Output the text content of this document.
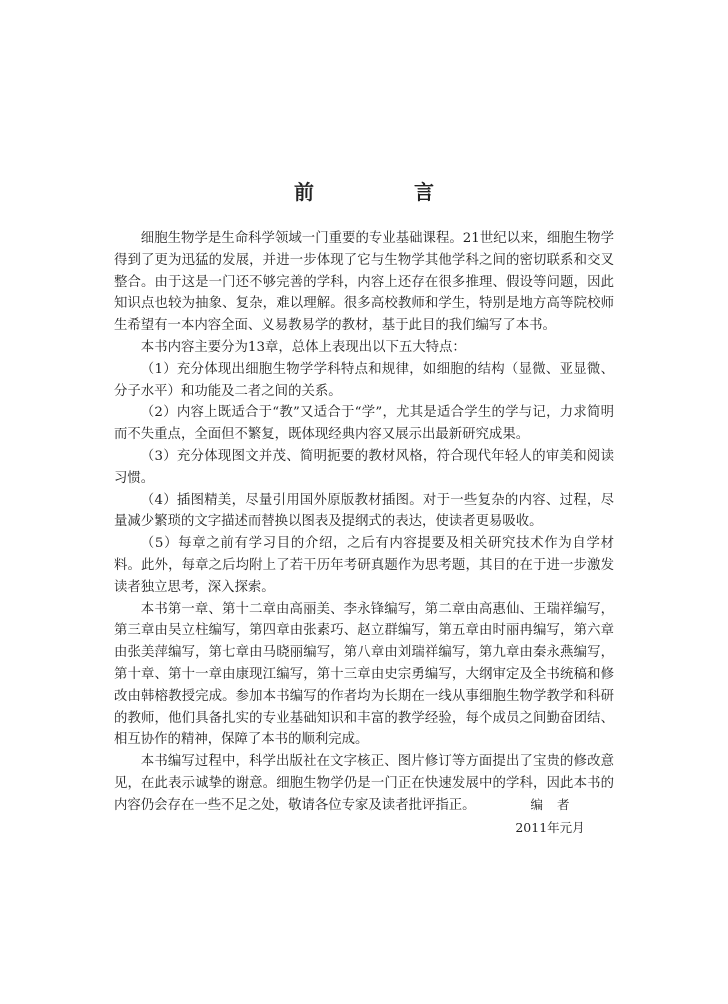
前　言

细胞生物学是生命科学领域一门重要的专业基础课程。21世纪以来，细胞生物学得到了更为迅猛的发展，并进一步体现了它与生物学其他学科之间的密切联系和交叉整合。由于这是一门还不够完善的学科，内容上还存在很多推理、假设等问题，因此知识点也较为抽象、复杂，难以理解。很多高校教师和学生，特别是地方高等院校师生希望有一本内容全面、义易教易学的教材，基于此目的我们编写了本书。

本书内容主要分为13章，总体上表现出以下五大特点：

（1）充分体现出细胞生物学学科特点和规律，如细胞的结构（显微、亚显微、分子水平）和功能及二者之间的关系。

（2）内容上既适合于“教”又适合于“学”，尤其是适合学生的学与记，力求简明而不失重点，全面但不繁复，既体现经典内容又展示出最新研究成果。

（3）充分体现图文并茂、简明扼要的教材风格，符合现代年轻人的审美和阅读习惯。

（4）插图精美，尽量引用国外原版教材插图。对于一些复杂的内容、过程，尽量减少繁琐的文字描述而替换以图表及提纲式的表达，使读者更易吸收。

（5）每章之前有学习目的介绍，之后有内容提要及相关研究技术作为自学材料。此外，每章之后均附上了若干历年考研真题作为思考题，其目的在于进一步激发读者独立思考，深入探索。

本书第一章、第十二章由高丽美、李永锋编写，第二章由高惠仙、王瑞祥编写，第三章由吴立柱编写，第四章由张素巧、赵立群编写，第五章由时丽冉编写，第六章由张美萍编写，第七章由马晓丽编写，第八章由刘瑞祥编写，第九章由秦永燕编写，第十章、第十一章由康现江编写，第十三章由史宗勇编写，大纲审定及全书统稿和修改由韩榕教授完成。参加本书编写的作者均为长期在一线从事细胞生物学教学和科研的教师，他们具备扎实的专业基础知识和丰富的教学经验，每个成员之间勤奋团结、相互协作的精神，保障了本书的顺利完成。

本书编写过程中，科学出版社在文字核正、图片修订等方面提出了宝贵的修改意见，在此表示诚挚的谢意。细胞生物学仍是一门正在快速发展中的学科，因此本书的内容仍会存在一些不足之处，敬请各位专家及读者批评指正。	编者
2011年元月
